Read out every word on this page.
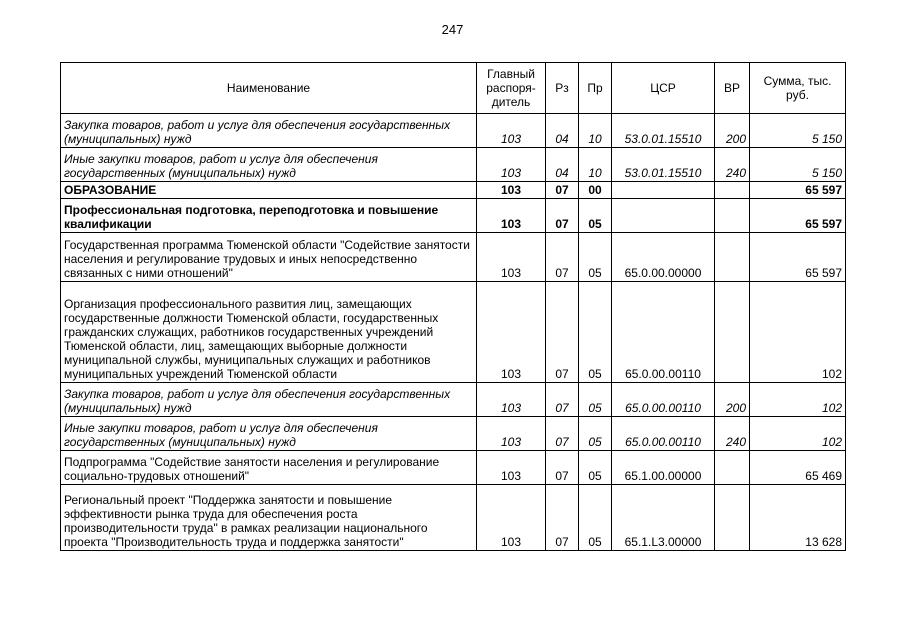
247
Наименование	Главный распоря-дитель	Рз	Пр	ЦСР	ВР	Сумма, тыс. руб.
Закупка товаров, работ и услуг для обеспечения государственных (муниципальных) нужд	103	04	10	53.0.01.15510	200	5 150
Иные закупки товаров, работ и услуг для обеспечения государственных (муниципальных) нужд	103	04	10	53.0.01.15510	240	5 150
ОБРАЗОВАНИЕ	103	07	00			65 597
Профессиональная подготовка, переподготовка и повышение квалификации	103	07	05			65 597
Государственная программа Тюменской области "Содействие занятости населения и регулирование трудовых и иных непосредственно связанных с ними отношений"	103	07	05	65.0.00.00000		65 597
Организация профессионального развития лиц, замещающих государственные должности Тюменской области, государственных гражданских служащих, работников государственных учреждений Тюменской области, лиц, замещающих выборные должности муниципальной службы, муниципальных служащих и работников муниципальных учреждений Тюменской области	103	07	05	65.0.00.00110		102
Закупка товаров, работ и услуг для обеспечения государственных (муниципальных) нужд	103	07	05	65.0.00.00110	200	102
Иные закупки товаров, работ и услуг для обеспечения государственных (муниципальных) нужд	103	07	05	65.0.00.00110	240	102
Подпрограмма "Содействие занятости населения и регулирование социально-трудовых отношений"	103	07	05	65.1.00.00000		65 469
Региональный проект "Поддержка занятости и повышение эффективности рынка труда для обеспечения роста производительности труда" в рамках реализации национального проекта "Производительность труда и поддержка занятости"	103	07	05	65.1.L3.00000		13 628
